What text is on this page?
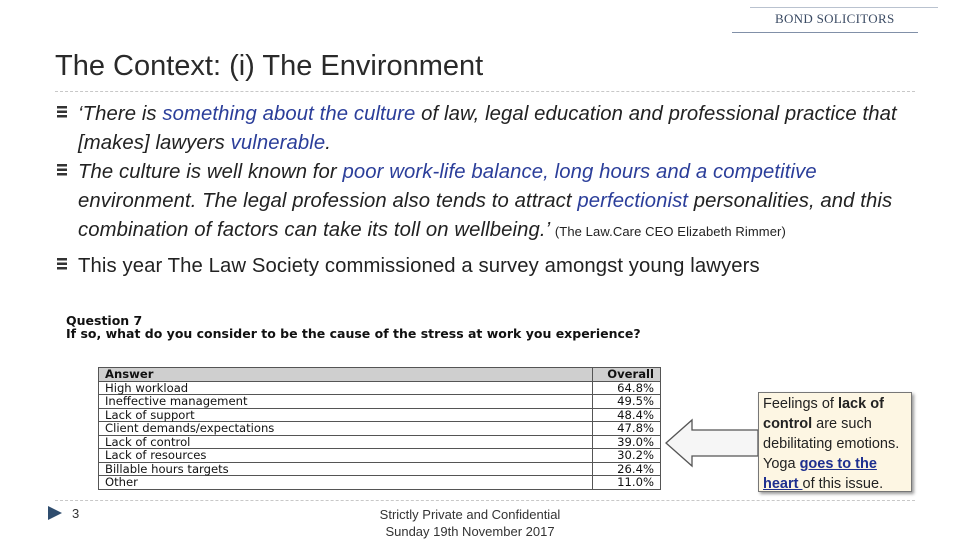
BOND SOLICITORS
The Context: (i) The Environment
‘There is something about the culture of law, legal education and professional practice that [makes] lawyers vulnerable.
The culture is well known for poor work-life balance, long hours and a competitive environment. The legal profession also tends to attract perfectionist personalities, and this combination of factors can take its toll on wellbeing.’ (The Law.Care CEO Elizabeth Rimmer)
This year The Law Society commissioned a survey amongst young lawyers
Question 7
If so, what do you consider to be the cause of the stress at work you experience?
Answer	Overall
High workload	64.8%
Ineffective management	49.5%
Lack of support	48.4%
Client demands/expectations	47.8%
Lack of control	39.0%
Lack of resources	30.2%
Billable hours targets	26.4%
Other	11.0%
Feelings of lack of control are such debilitating emotions. Yoga goes to the heart of this issue.
3	Strictly Private and Confidential
Sunday 19th November 2017
